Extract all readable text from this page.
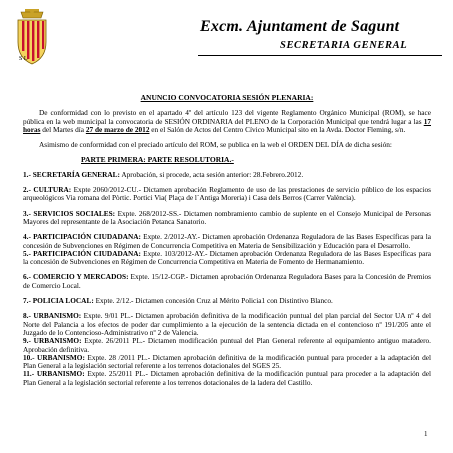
S L
Excm. Ajuntament de Sagunt
SECRETARIA GENERAL
ANUNCIO CONVOCATORIA SESIÓN PLENARIA:

De conformidad con lo previsto en el apartado 4º del artículo 123 del vigente Reglamento Orgánico Municipal (ROM), se hace pública en la web municipal la convocatoria de SESIÓN ORDINARIA del PLENO de la Corporación Municipal que tendrá lugar a las 17 horas del Martes día 27 de marzo de 2012 en el Salón de Actos del Centro Cívico Municipal sito en la Avda. Doctor Fleming, s/n.

Asimismo de conformidad con el preciado artículo del ROM, se publica en la web el ORDEN DEL DÍA de dicha sesión:

PARTE PRIMERA: PARTE RESOLUTORIA.-

1.- SECRETARÍA GENERAL: Aprobación, si procede, acta sesión anterior: 28.Febrero.2012.

2.- CULTURA: Expte 2060/2012-CU.- Dictamen aprobación Reglamento de uso de las prestaciones de servicio público de los espacios arqueológicos Via romana del Pòrtic. Portici Via( Plaça de l´Antiga Moreria) i Casa dels Berros (Carrer València).

3.- SERVICIOS SOCIALES: Expte. 268/2012-SS.- Dictamen nombramiento cambio de suplente en el Consejo Municipal de Personas Mayores del representante de la Asociación Petanca Sanatorio.

4.- PARTICIPACIÓN CIUDADANA: Expte. 2/2012-AY.- Dictamen aprobación Ordenanza Reguladora de las Bases Específicas para la concesión de Subvenciones en Régimen de Concurrencia Competitiva en Materia de Sensibilización y Educación para el Desarrollo.

5.- PARTICIPACIÓN CIUDADANA: Expte. 103/2012-AY.- Dictamen aprobación Ordenanza Reguladora de las Bases Específicas para la concesión de Subvenciones en Régimen de Concurrencia Competitiva en Materia de Fomento de Hermanamiento.

6.- COMERCIO Y MERCADOS: Expte. 15/12-CGP.- Dictamen aprobación Ordenanza Reguladora Bases para la Concesión de Premios de Comercio Local.

7.- POLICIA LOCAL: Expte. 2/12.- Dictamen concesión Cruz al Mérito Policia1 con Distintivo Blanco.

8.- URBANISMO: Expte. 9/01 PL.- Dictamen aprobación definitiva de la modificación puntual del plan parcial del Sector UA nº 4 del Norte del Palancia a los efectos de poder dar cumplimiento a la ejecución de la sentencia dictada en el contencioso nº 191/205 ante el Juzgado de lo Contencioso-Administrativo nº 2 de Valencia.

9.- URBANISMO: Expte. 26/2011 PL.- Dictamen modificación puntual del Plan General referente al equipamiento antiguo matadero. Aprobación definitiva.

10.- URBANISMO: Expte. 28 /2011 PL.- Dictamen aprobación definitiva de la modificación puntual para proceder a la adaptación del Plan General a la legislación sectorial referente a los terrenos dotacionales del SGES 25.

11.- URBANISMO: Expte. 25/2011 PL.- Dictamen aprobación definitiva de la modificación puntual para proceder a la adaptación del Plan General a la legislación sectorial referente a los terrenos dotacionales de la ladera del Castillo.

1
